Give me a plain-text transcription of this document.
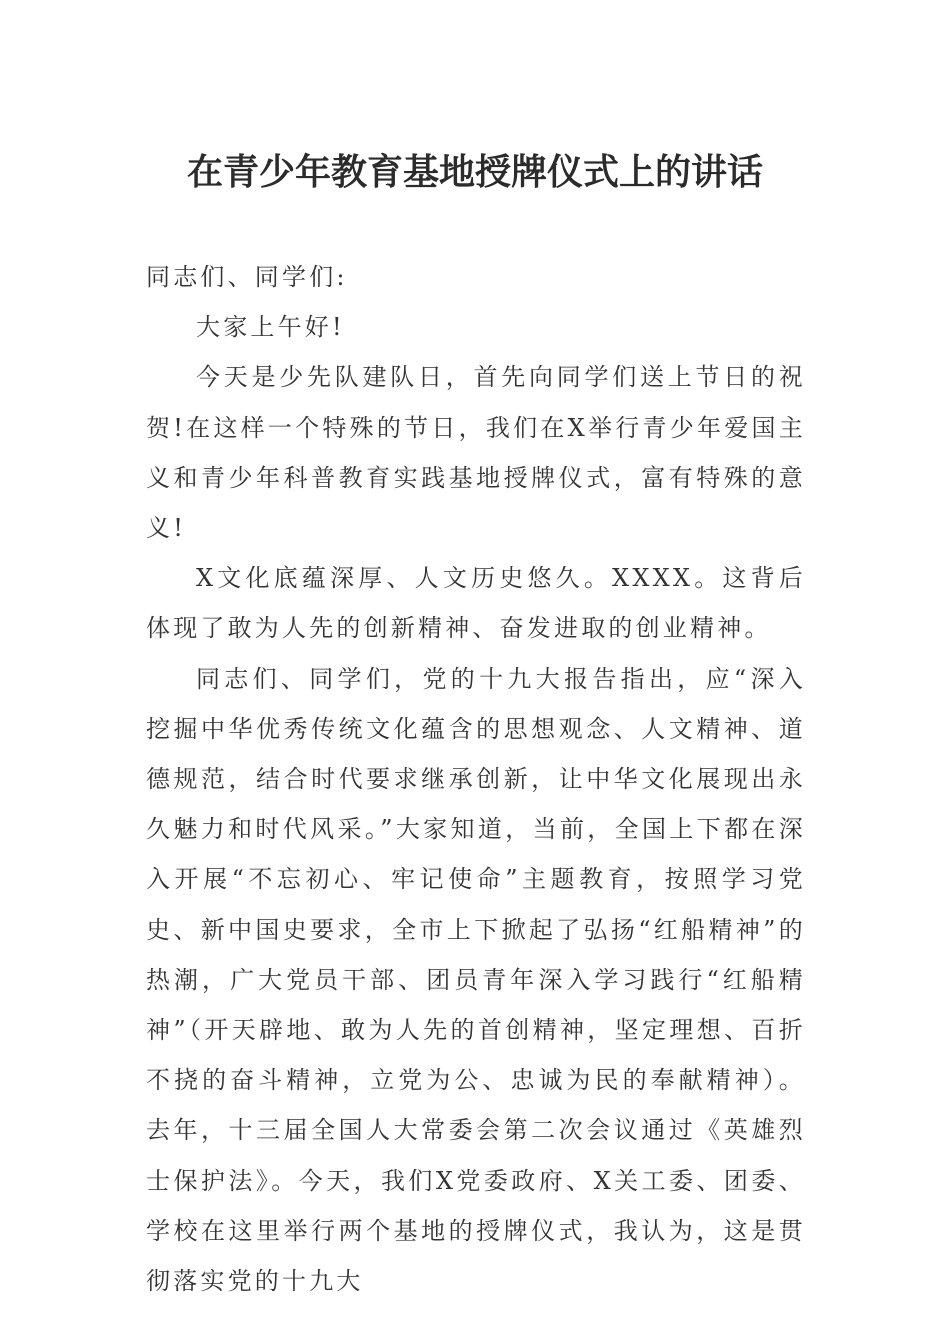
在青少年教育基地授牌仪式上的讲话

同志们、同学们:

大家上午好!

今天是少先队建队日，首先向同学们送上节日的祝贺!在这样一个特殊的节日，我们在X举行青少年爱国主义和青少年科普教育实践基地授牌仪式，富有特殊的意义!

X文化底蕴深厚、人文历史悠久。XXXX。这背后体现了敢为人先的创新精神、奋发进取的创业精神。

同志们、同学们，党的十九大报告指出，应“深入挖掘中华优秀传统文化蕴含的思想观念、人文精神、道德规范，结合时代要求继承创新，让中华文化展现出永久魅力和时代风采。”大家知道，当前，全国上下都在深入开展“不忘初心、牢记使命”主题教育，按照学习党史、新中国史要求，全市上下掀起了弘扬“红船精神”的热潮，广大党员干部、团员青年深入学习践行“红船精神”（开天辟地、敢为人先的首创精神，坚定理想、百折不挠的奋斗精神，立党为公、忠诚为民的奉献精神）。去年，十三届全国人大常委会第二次会议通过《英雄烈士保护法》。今天，我们X党委政府、X关工委、团委、学校在这里举行两个基地的授牌仪式，我认为，这是贯彻落实党的十九大
